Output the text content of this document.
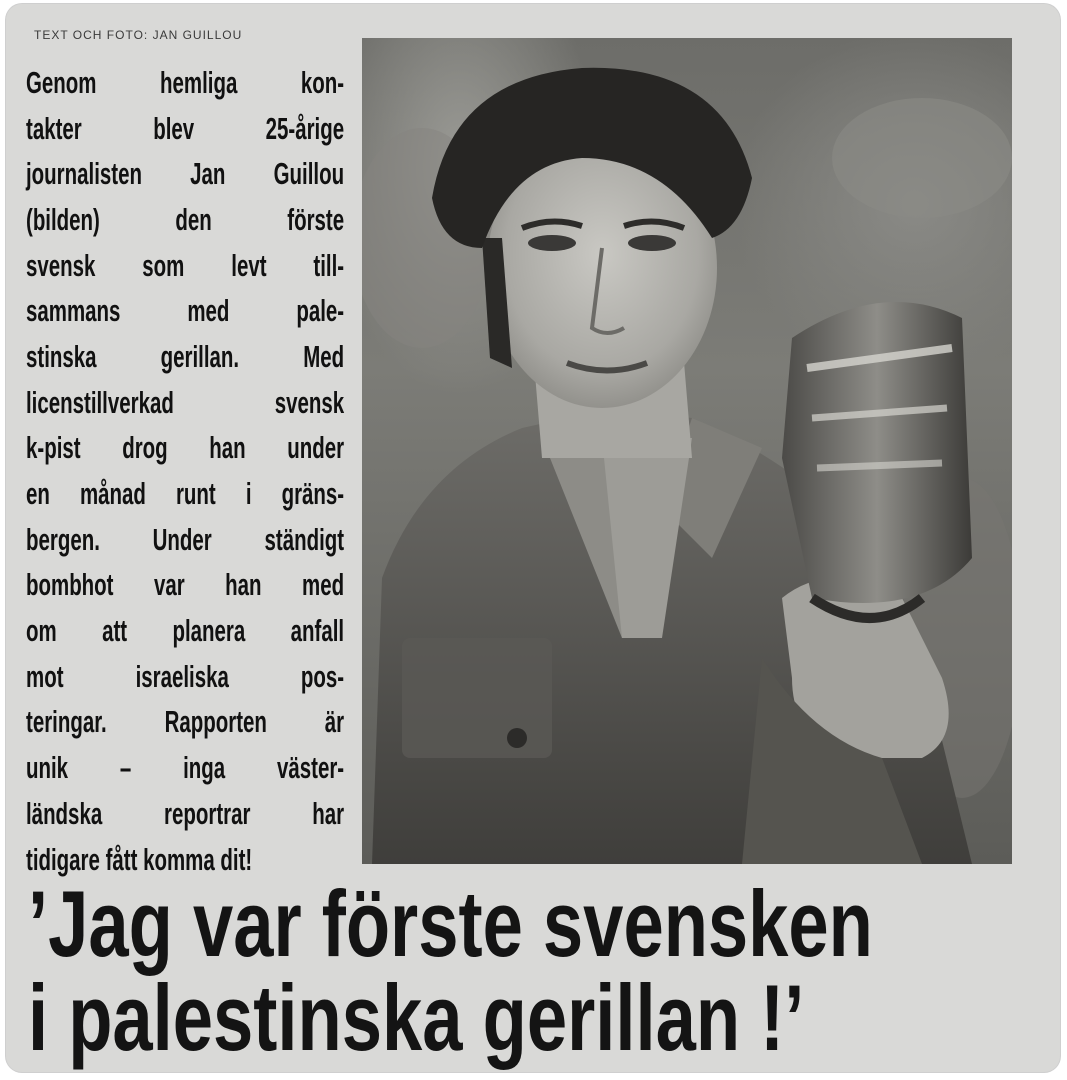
TEXT OCH FOTO: JAN GUILLOU
Genom hemliga kon-
takter blev 25-årige
journalisten Jan Guillou
(bilden) den förste
svensk som levt till-
sammans med pale-
stinska gerillan. Med
licenstillverkad	svensk
k-pist drog han under
en månad runt i gräns-
bergen. Under ständigt
bombhot var han med
om att planera anfall
mot israeliska pos-
teringar. Rapporten är
unik – inga väster-
ländska reportrar har
tidigare fått komma dit!
’Jag var förste svensken
i palestinska gerillan !’
